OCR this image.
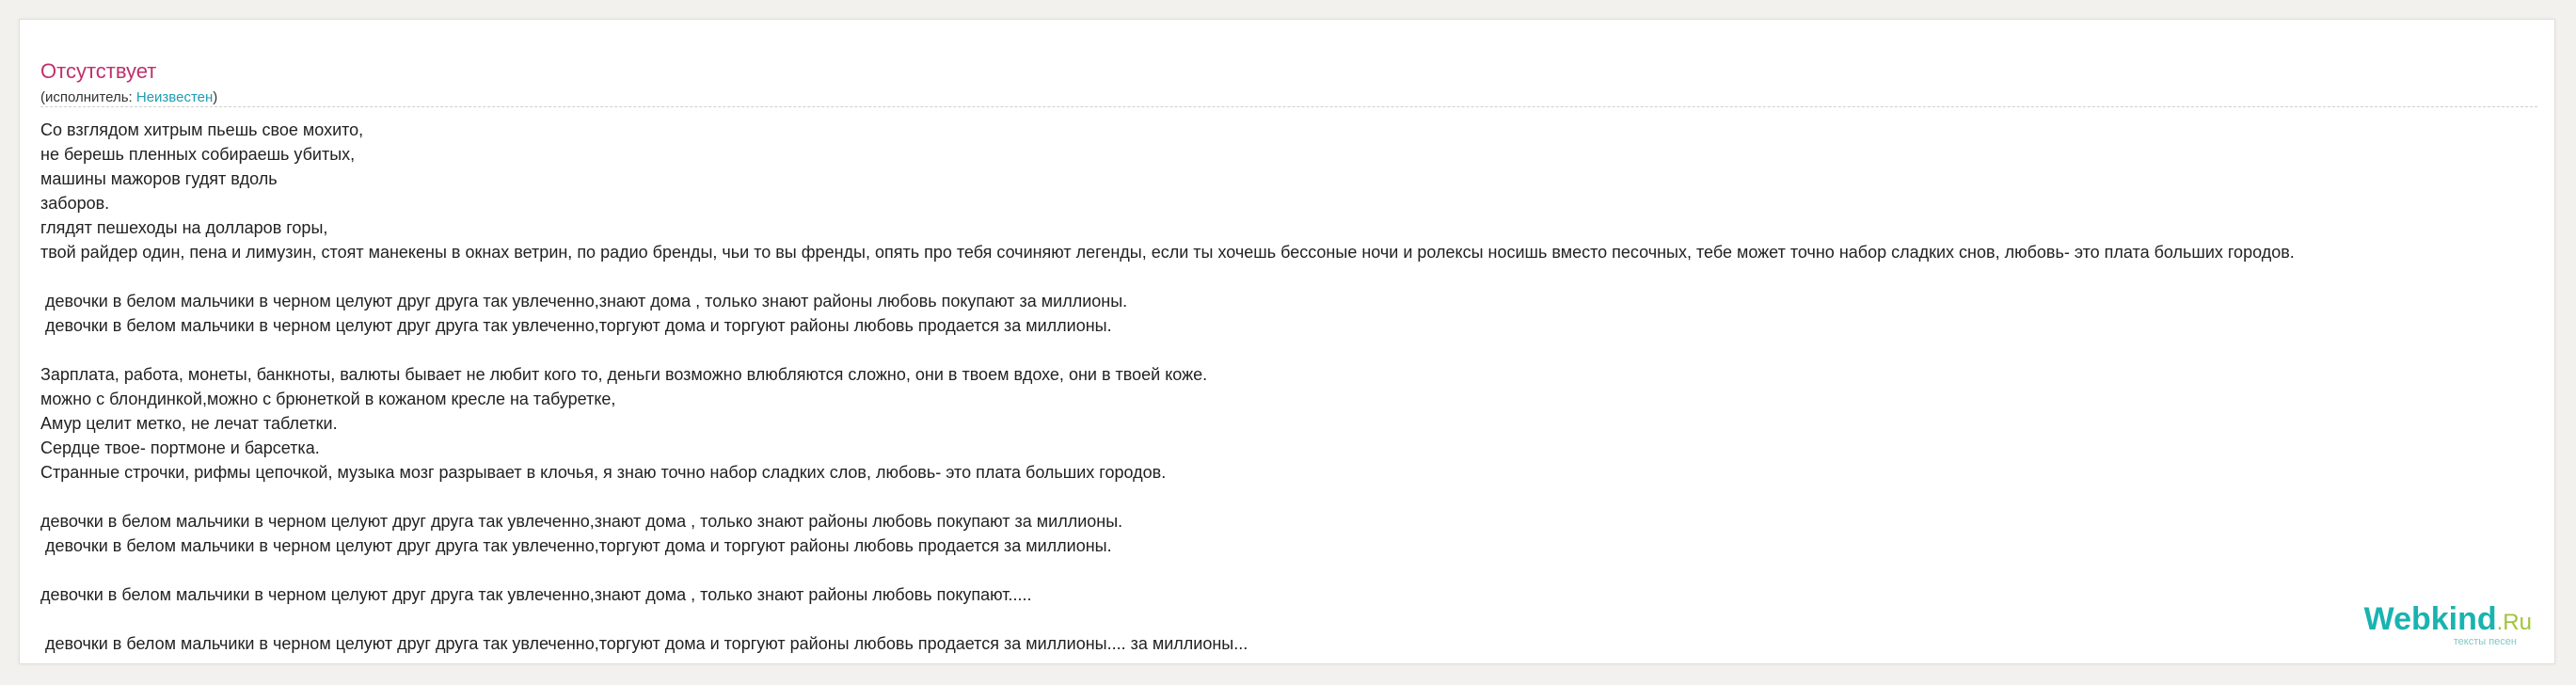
Отсутствует
(исполнитель: Неизвестен)
Со взглядом хитрым пьешь свое мохито,
не берешь пленных собираешь убитых,
машины мажоров гудят вдоль
заборов.
глядят пешеходы на долларов горы,
твой райдер один, пена и лимузин, стоят манекены в окнах ветрин, по радио бренды, чьи то вы френды, опять про тебя сочиняют легенды, если ты хочешь бессоные ночи и ролексы носишь вместо песочных, тебе может точно набор сладких снов, любовь- это плата больших городов.

девочки в белом мальчики в черном целуют друг друга так увлеченно,знают дома , только знают районы любовь покупают за миллионы.
девочки в белом мальчики в черном целуют друг друга так увлеченно,торгуют дома и торгуют районы любовь продается за миллионы.

Зарплата, работа, монеты, банкноты, валюты бывает не любит кого то, деньги возможно влюбляются сложно, они в твоем вдохе, они в твоей коже.
можно с блондинкой,можно с брюнеткой в кожаном кресле на табуретке,
Амур целит метко, не лечат таблетки.
Сердце твое- портмоне и барсетка.
Странные строчки, рифмы цепочкой, музыка мозг разрывает в клочья, я знаю точно набор сладких слов, любовь- это плата больших городов.

девочки в белом мальчики в черном целуют друг друга так увлеченно,знают дома , только знают районы любовь покупают за миллионы.
девочки в белом мальчики в черном целуют друг друга так увлеченно,торгуют дома и торгуют районы любовь продается за миллионы.

девочки в белом мальчики в черном целуют друг друга так увлеченно,знают дома , только знают районы любовь покупают.....

девочки в белом мальчики в черном целуют друг друга так увлеченно,торгуют дома и торгуют районы любовь продается за миллионы.... за миллионы...
Webkind.Ru
тексты песен
